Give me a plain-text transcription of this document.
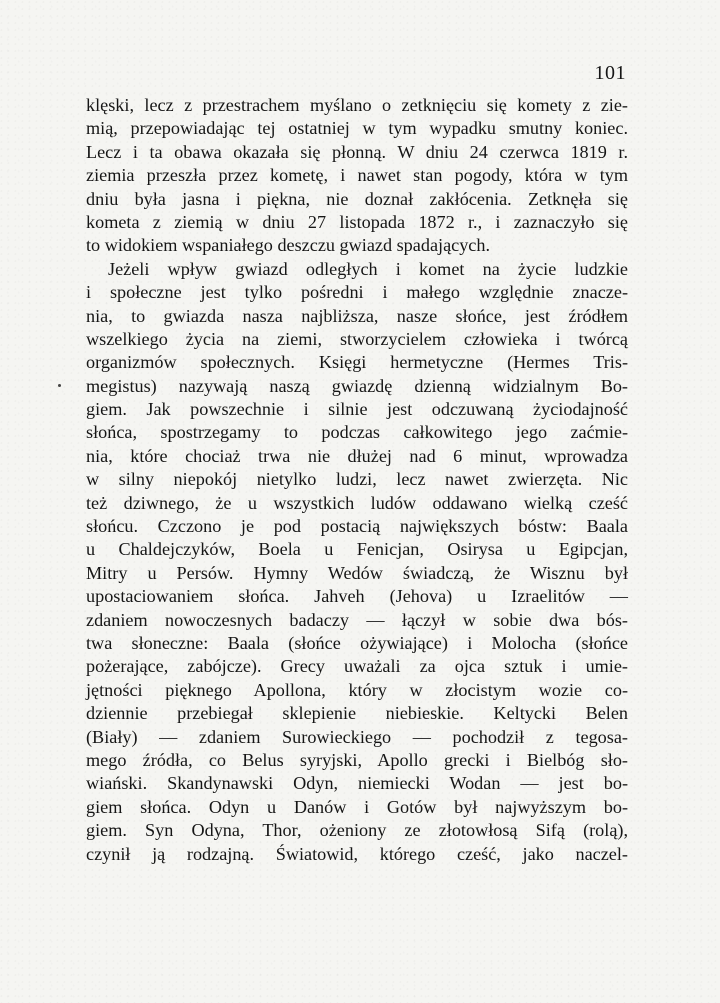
101
klęski, lecz z przestrachem myślano o zetknięciu się komety z zie-
mią, przepowiadając tej ostatniej w tym wypadku smutny koniec.
Lecz i ta obawa okazała się płonną. W dniu 24 czerwca 1819 r.
ziemia przeszła przez kometę, i nawet stan pogody, która w tym
dniu była jasna i piękna, nie doznał zakłócenia. Zetknęła się
kometa z ziemią w dniu 27 listopada 1872 r., i zaznaczyło się
to widokiem wspaniałego deszczu gwiazd spadających.
Jeżeli wpływ gwiazd odległych i komet na życie ludzkie
i społeczne jest tylko pośredni i małego względnie znacze-
nia, to gwiazda nasza najbliższa, nasze słońce, jest źródłem
wszelkiego życia na ziemi, stworzycielem człowieka i twórcą
organizmów społecznych. Księgi hermetyczne (Hermes Tris-
megistus) nazywają naszą gwiazdę dzienną widzialnym Bo-
giem. Jak powszechnie i silnie jest odczuwaną życiodajność
słońca, spostrzegamy to podczas całkowitego jego zaćmie-
nia, które chociaż trwa nie dłużej nad 6 minut, wprowadza
w silny niepokój nietylko ludzi, lecz nawet zwierzęta. Nic
też dziwnego, że u wszystkich ludów oddawano wielką cześć
słońcu. Czczono je pod postacią największych bóstw: Baala
u Chaldejczyków, Boela u Fenicjan, Osirysa u Egipcjan,
Mitry u Persów. Hymny Wedów świadczą, że Wisznu był
upostaciowaniem słońca. Jahveh (Jehova) u Izraelitów —
zdaniem nowoczesnych badaczy — łączył w sobie dwa bós-
twa słoneczne: Baala (słońce ożywiające) i Molocha (słońce
pożerające, zabójcze). Grecy uważali za ojca sztuk i umie-
jętności pięknego Apollona, który w złocistym wozie co-
dziennie przebiegał sklepienie niebieskie. Keltycki Belen
(Biały) — zdaniem Surowieckiego — pochodził z tegosa-
mego źródła, co Belus syryjski, Apollo grecki i Bielbóg sło-
wiański. Skandynawski Odyn, niemiecki Wodan — jest bo-
giem słońca. Odyn u Danów i Gotów był najwyższym bo-
giem. Syn Odyna, Thor, ożeniony ze złotowłosą Sifą (rolą),
czynił ją rodzajną. Światowid, którego cześć, jako naczel-
